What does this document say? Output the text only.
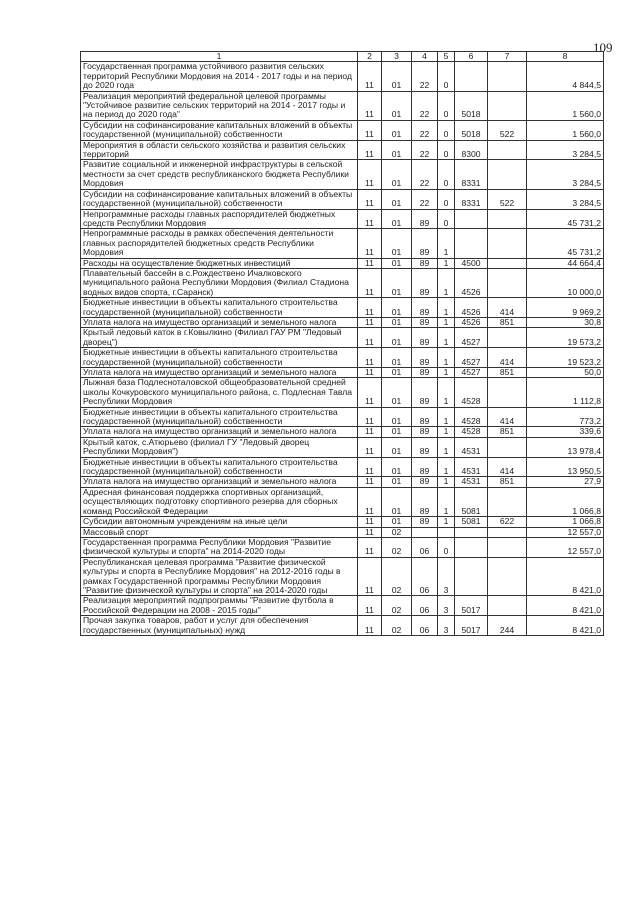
109
1	2	3	4	5	6	7	8
Государственная программа устойчивого развития сельских территорий Республики Мордовия на 2014 - 2017 годы и на период до 2020 года	11	01	22	0			4 844,5
Реализация мероприятий федеральной целевой программы "Устойчивое развитие сельских территорий на 2014 - 2017 годы и на период до 2020 года"	11	01	22	0	5018		1 560,0
Субсидии на софинансирование капитальных вложений в объекты государственной (муниципальной) собственности	11	01	22	0	5018	522	1 560,0
Мероприятия в области сельского хозяйства и развития сельских территорий	11	01	22	0	8300		3 284,5
Развитие социальной и инженерной инфраструктуры в сельской местности за счет средств республиканского бюджета Республики Мордовия	11	01	22	0	8331		3 284,5
Субсидии на софинансирование капитальных вложений в объекты государственной (муниципальной) собственности	11	01	22	0	8331	522	3 284,5
Непрограммные расходы главных распорядителей бюджетных средств Республики Мордовия	11	01	89	0			45 731,2
Непрограммные расходы в рамках обеспечения деятельности главных распорядителей бюджетных средств Республики Мордовия	11	01	89	1			45 731,2
Расходы на осуществление бюджетных инвестиций	11	01	89	1	4500		44 664,4
Плавательный бассейн в с.Рождествено Ичалковского муниципального района Республики Мордовия (Филиал Стадиона водных видов спорта, г.Саранск)	11	01	89	1	4526		10 000,0
Бюджетные инвестиции в объекты капитального строительства государственной (муниципальной) собственности	11	01	89	1	4526	414	9 969,2
Уплата налога на имущество организаций и земельного налога	11	01	89	1	4526	851	30,8
Крытый ледовый каток в г.Ковылкино (Филиал ГАУ РМ "Ледовый дворец")	11	01	89	1	4527		19 573,2
Бюджетные инвестиции в объекты капитального строительства государственной (муниципальной) собственности	11	01	89	1	4527	414	19 523,2
Уплата налога на имущество организаций и земельного налога	11	01	89	1	4527	851	50,0
Лыжная база Подлесноталовской общеобразовательной средней школы Кочкуровского муниципального района, с. Подлесная Тавла Республики Мордовия	11	01	89	1	4528		1 112,8
Бюджетные инвестиции в объекты капитального строительства государственной (муниципальной) собственности	11	01	89	1	4528	414	773,2
Уплата налога на имущество организаций и земельного налога	11	01	89	1	4528	851	339,6
Крытый каток, с.Атюрьево (филиал ГУ "Ледовый дворец Республики Мордовия")	11	01	89	1	4531		13 978,4
Бюджетные инвестиции в объекты капитального строительства государственной (муниципальной) собственности	11	01	89	1	4531	414	13 950,5
Уплата налога на имущество организаций и земельного налога	11	01	89	1	4531	851	27,9
Адресная финансовая поддержка спортивных организаций, осуществляющих подготовку спортивного резерва для сборных команд Российской Федерации	11	01	89	1	5081		1 066,8
Субсидии автономным учреждениям на иные цели	11	01	89	1	5081	622	1 066,8
Массовый спорт	11	02					12 557,0
Государственная программа Республики Мордовия "Развитие физической культуры и спорта" на 2014-2020 годы	11	02	06	0			12 557,0
Республиканская целевая программа "Развитие физической культуры и спорта в Республике Мордовия" на 2012-2016 годы в рамках Государственной программы Республики Мордовия "Развитие физической культуры и спорта" на 2014-2020 годы	11	02	06	3			8 421,0
Реализация мероприятий подпрограммы "Развитие футбола в Российской Федерации на 2008 - 2015 годы"	11	02	06	3	5017		8 421,0
Прочая закупка товаров, работ и услуг для обеспечения государственных (муниципальных) нужд	11	02	06	3	5017	244	8 421,0
